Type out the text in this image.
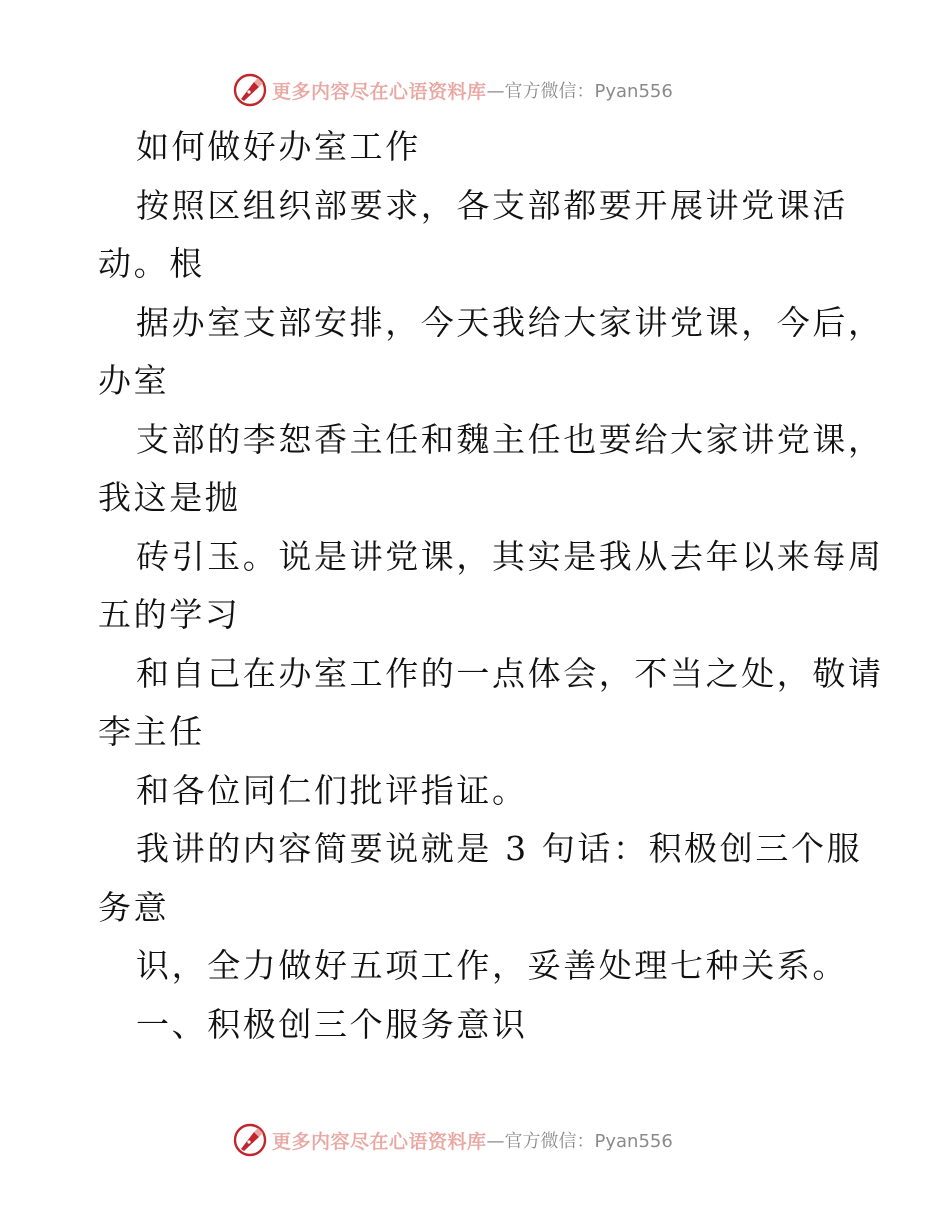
更多内容尽在心语资料库 —官方微信：Pyan556
如何做好办室工作
按照区组织部要求，各支部都要开展讲党课活
动。根
据办室支部安排，今天我给大家讲党课，今后，
办室
支部的李恕香主任和魏主任也要给大家讲党课，
我这是抛
砖引玉。说是讲党课，其实是我从去年以来每周
五的学习
和自己在办室工作的一点体会，不当之处，敬请
李主任
和各位同仁们批评指证。
我讲的内容简要说就是 3 句话：积极创三个服
务意
识，全力做好五项工作，妥善处理七种关系。
一、积极创三个服务意识
更多内容尽在心语资料库 —官方微信：Pyan556
